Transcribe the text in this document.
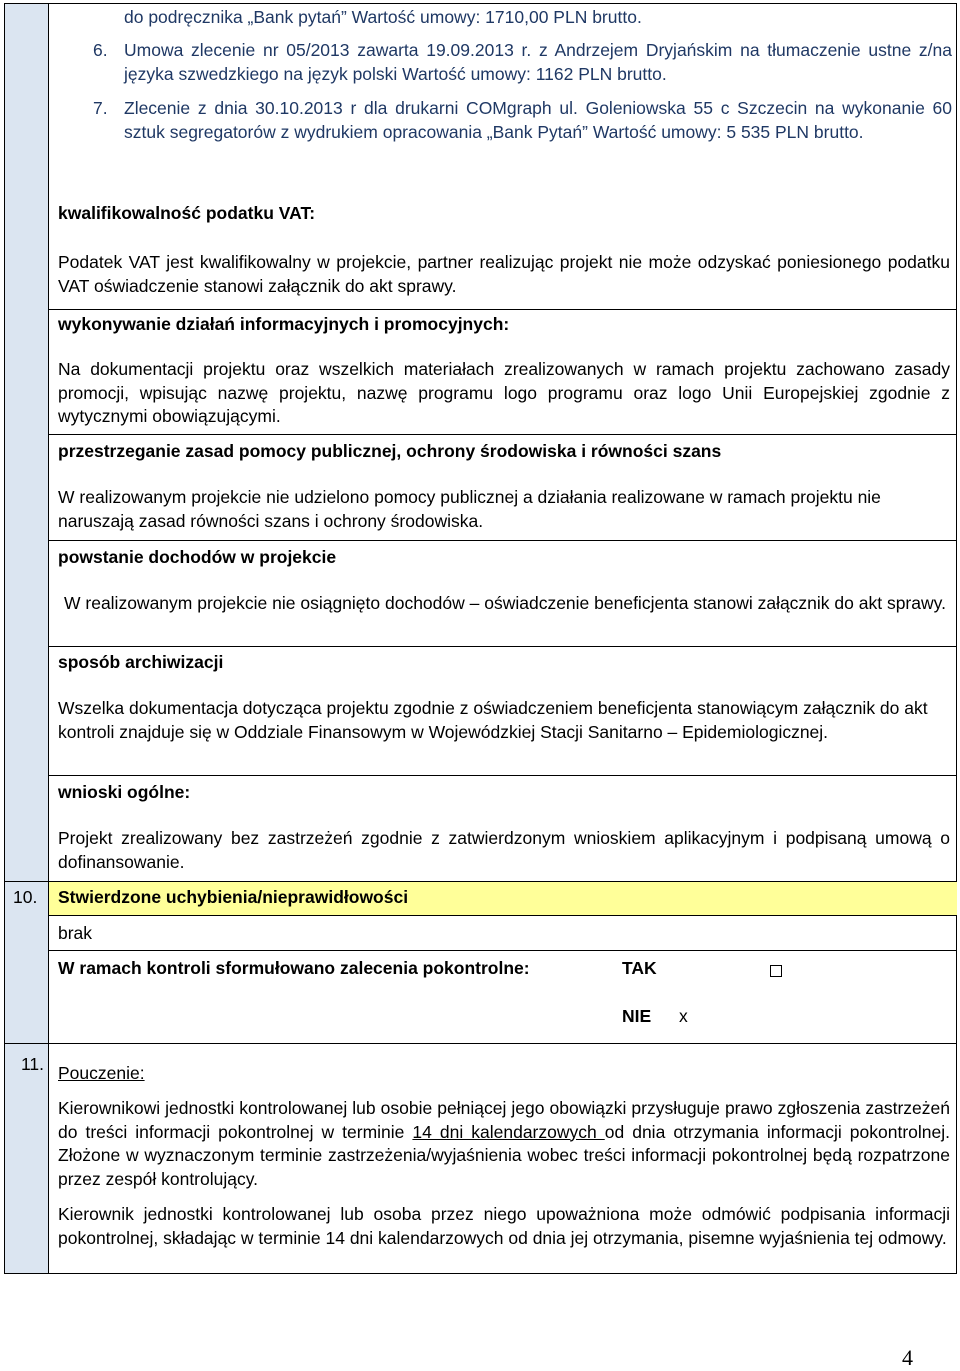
do podręcznika „Bank pytań” Wartość umowy: 1710,00 PLN brutto.
6. Umowa zlecenie nr 05/2013 zawarta 19.09.2013 r. z Andrzejem Dryjańskim na tłumaczenie ustne z/na języka szwedzkiego na język polski Wartość umowy: 1162 PLN brutto.
7. Zlecenie z dnia 30.10.2013 r dla drukarni COMgraph ul. Goleniowska 55 c Szczecin na wykonanie 60 sztuk segregatorów z wydrukiem opracowania „Bank Pytań” Wartość umowy: 5 535 PLN brutto.
kwalifikowalność podatku VAT:
Podatek VAT jest kwalifikowalny w projekcie, partner realizując projekt nie może odzyskać poniesionego podatku VAT oświadczenie stanowi załącznik do akt sprawy.
wykonywanie działań informacyjnych i promocyjnych:
Na dokumentacji projektu oraz wszelkich materiałach zrealizowanych w ramach projektu zachowano zasady promocji, wpisując nazwę projektu, nazwę programu logo programu oraz logo Unii Europejskiej zgodnie z wytycznymi obowiązującymi.
przestrzeganie zasad pomocy publicznej, ochrony środowiska i równości szans
W realizowanym projekcie nie udzielono pomocy publicznej a działania realizowane w ramach projektu nie naruszają zasad równości szans i ochrony środowiska.
powstanie dochodów w projekcie
W realizowanym projekcie nie osiągnięto dochodów – oświadczenie beneficjenta stanowi załącznik do akt sprawy.
sposób archiwizacji
Wszelka dokumentacja dotycząca projektu zgodnie z oświadczeniem beneficjenta stanowiącym załącznik do akt kontroli znajduje się w Oddziale Finansowym w Wojewódzkiej Stacji Sanitarno – Epidemiologicznej.
wnioski ogólne:
Projekt zrealizowany bez zastrzeżeń zgodnie z zatwierdzonym wnioskiem aplikacyjnym i podpisaną umową o dofinansowanie.
10. Stwierdzone uchybienia/nieprawidłowości
brak
W ramach kontroli sformułowano zalecenia pokontrolne:	TAK
NIE x
11. Pouczenie:
Kierownikowi jednostki kontrolowanej lub osobie pełniącej jego obowiązki przysługuje prawo zgłoszenia zastrzeżeń do treści informacji pokontrolnej w terminie 14 dni kalendarzowych od dnia otrzymania informacji pokontrolnej. Złożone w wyznaczonym terminie zastrzeżenia/wyjaśnienia wobec treści informacji pokontrolnej będą rozpatrzone przez zespół kontrolujący.
Kierownik jednostki kontrolowanej lub osoba przez niego upoważniona może odmówić podpisania informacji pokontrolnej, składając w terminie 14 dni kalendarzowych od dnia jej otrzymania, pisemne wyjaśnienia tej odmowy.
4
